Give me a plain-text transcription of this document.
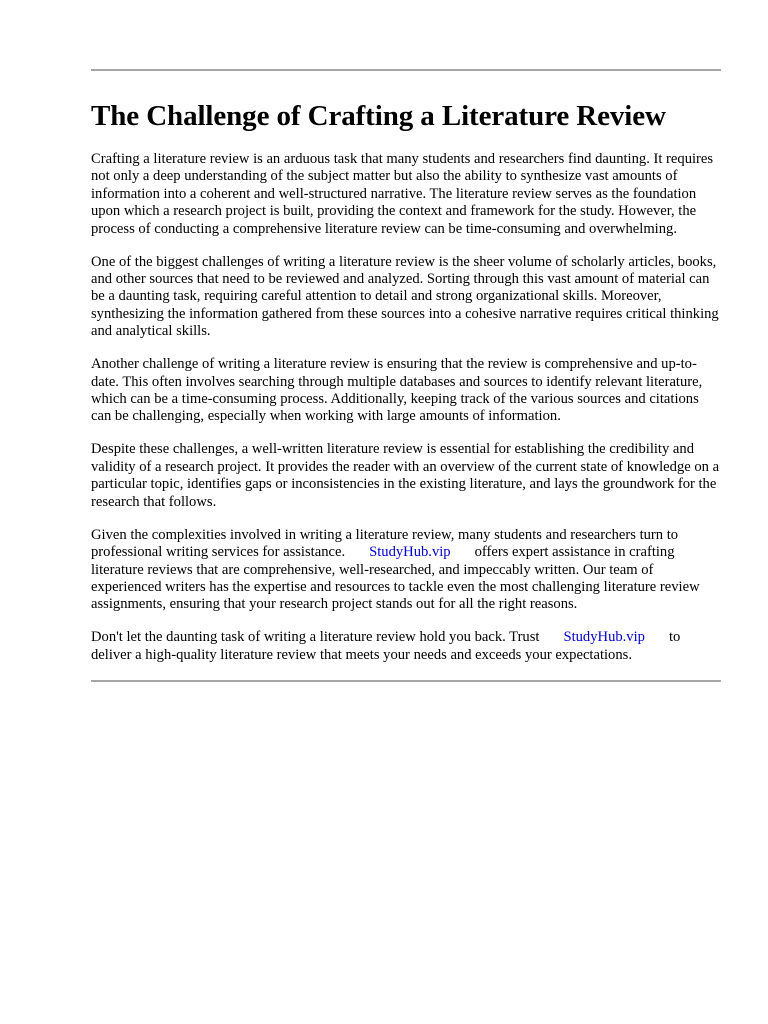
The Challenge of Crafting a Literature Review

Crafting a literature review is an arduous task that many students and researchers find daunting. It requires not only a deep understanding of the subject matter but also the ability to synthesize vast amounts of information into a coherent and well-structured narrative. The literature review serves as the foundation upon which a research project is built, providing the context and framework for the study. However, the process of conducting a comprehensive literature review can be time-consuming and overwhelming.

One of the biggest challenges of writing a literature review is the sheer volume of scholarly articles, books, and other sources that need to be reviewed and analyzed. Sorting through this vast amount of material can be a daunting task, requiring careful attention to detail and strong organizational skills. Moreover, synthesizing the information gathered from these sources into a cohesive narrative requires critical thinking and analytical skills.

Another challenge of writing a literature review is ensuring that the review is comprehensive and up-to-date. This often involves searching through multiple databases and sources to identify relevant literature, which can be a time-consuming process. Additionally, keeping track of the various sources and citations can be challenging, especially when working with large amounts of information.

Despite these challenges, a well-written literature review is essential for establishing the credibility and validity of a research project. It provides the reader with an overview of the current state of knowledge on a particular topic, identifies gaps or inconsistencies in the existing literature, and lays the groundwork for the research that follows.

Given the complexities involved in writing a literature review, many students and researchers turn to professional writing services for assistance. StudyHub.vip offers expert assistance in crafting literature reviews that are comprehensive, well-researched, and impeccably written. Our team of experienced writers has the expertise and resources to tackle even the most challenging literature review assignments, ensuring that your research project stands out for all the right reasons.

Don't let the daunting task of writing a literature review hold you back. Trust StudyHub.vip to deliver a high-quality literature review that meets your needs and exceeds your expectations.
